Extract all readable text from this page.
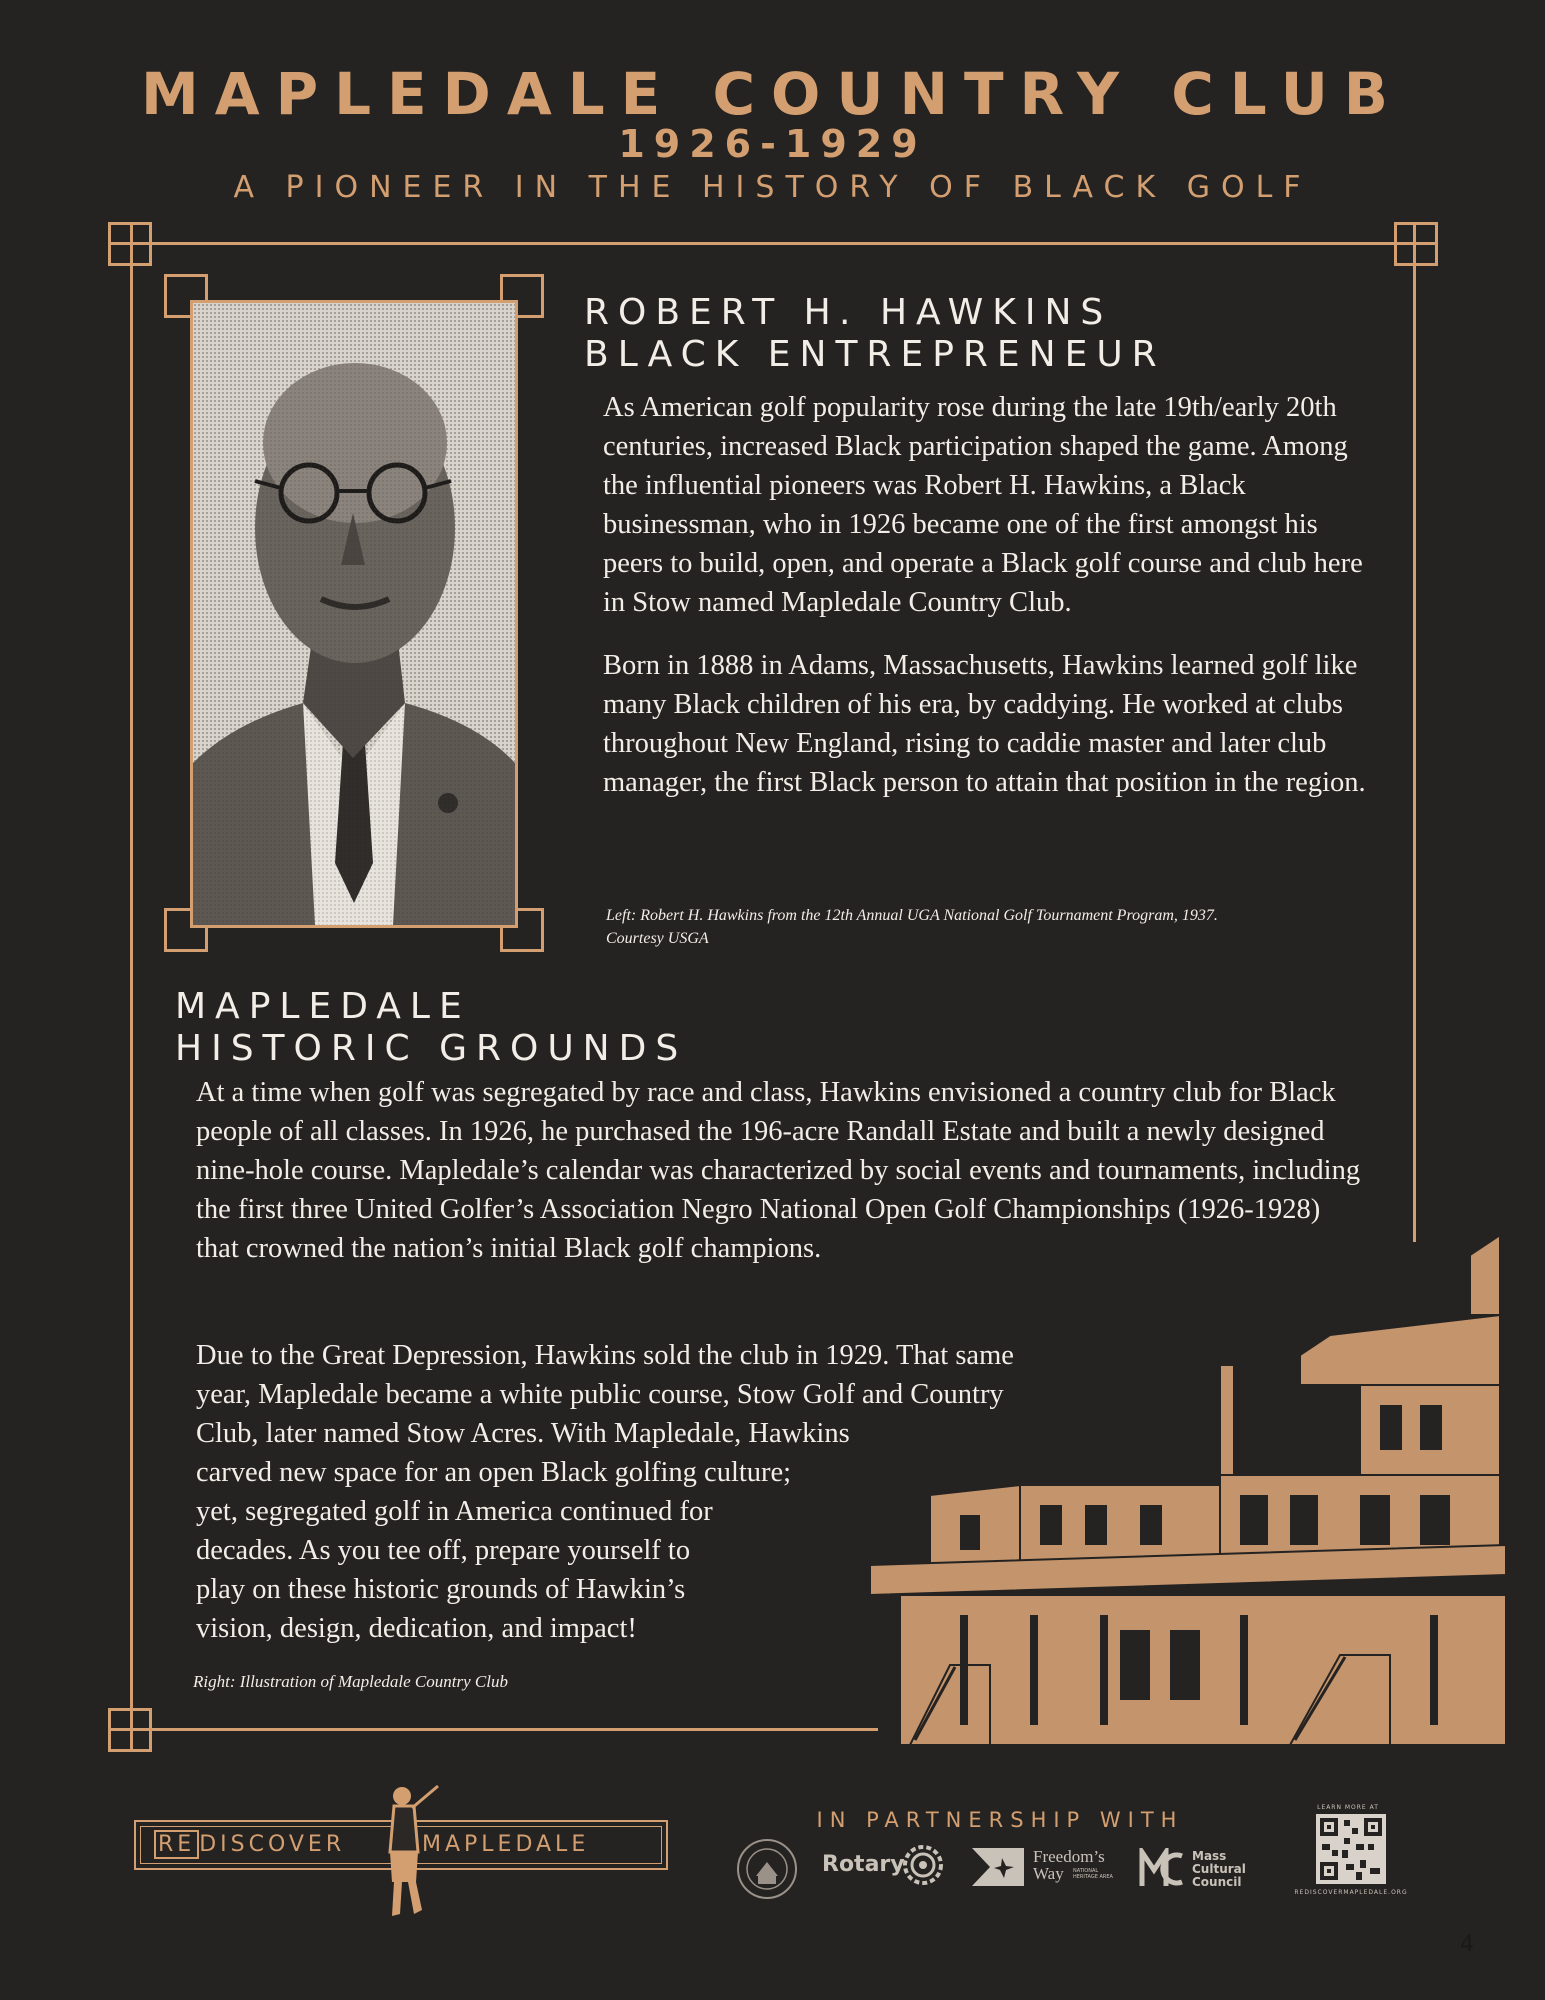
MAPLEDALE COUNTRY CLUB
1926-1929
A PIONEER IN THE HISTORY OF BLACK GOLF
ROBERT H. HAWKINS
BLACK ENTREPRENEUR

As American golf popularity rose during the late 19th/early 20th centuries, increased Black participation shaped the game. Among the influential pioneers was Robert H. Hawkins, a Black businessman, who in 1926 became one of the first amongst his peers to build, open, and operate a Black golf course and club here in Stow named Mapledale Country Club.

Born in 1888 in Adams, Massachusetts, Hawkins learned golf like many Black children of his era, by caddying. He worked at clubs throughout New England, rising to caddie master and later club manager, the first Black person to attain that position in the region.

Left: Robert H. Hawkins from the 12th Annual UGA National Golf Tournament Program, 1937.
Courtesy USGA
MAPLEDALE
HISTORIC GROUNDS

At a time when golf was segregated by race and class, Hawkins envisioned a country club for Black people of all classes. In 1926, he purchased the 196-acre Randall Estate and built a newly designed nine-hole course. Mapledale’s calendar was characterized by social events and tournaments, including the first three United Golfer’s Association Negro National Open Golf Championships (1926-1928) that crowned the nation’s initial Black golf champions.

Due to the Great Depression, Hawkins sold the club in 1929. That same
year, Mapledale became a white public course, Stow Golf and Country
Club, later named Stow Acres. With Mapledale, Hawkins
carved new space for an open Black golfing culture;
yet, segregated golf in America continued for
decades. As you tee off, prepare yourself to
play on these historic grounds of Hawkin’s
vision, design, dedication, and impact!
Right: Illustration of Mapledale Country Club
RE DISCOVER	MAPLEDALE
IN PARTNERSHIP WITH
Rotary	Freedom’s
Way	NATIONAL HERITAGE AREA
Mass
Cultural
Council
LEARN MORE AT
REDISCOVERMAPLEDALE.ORG
4
